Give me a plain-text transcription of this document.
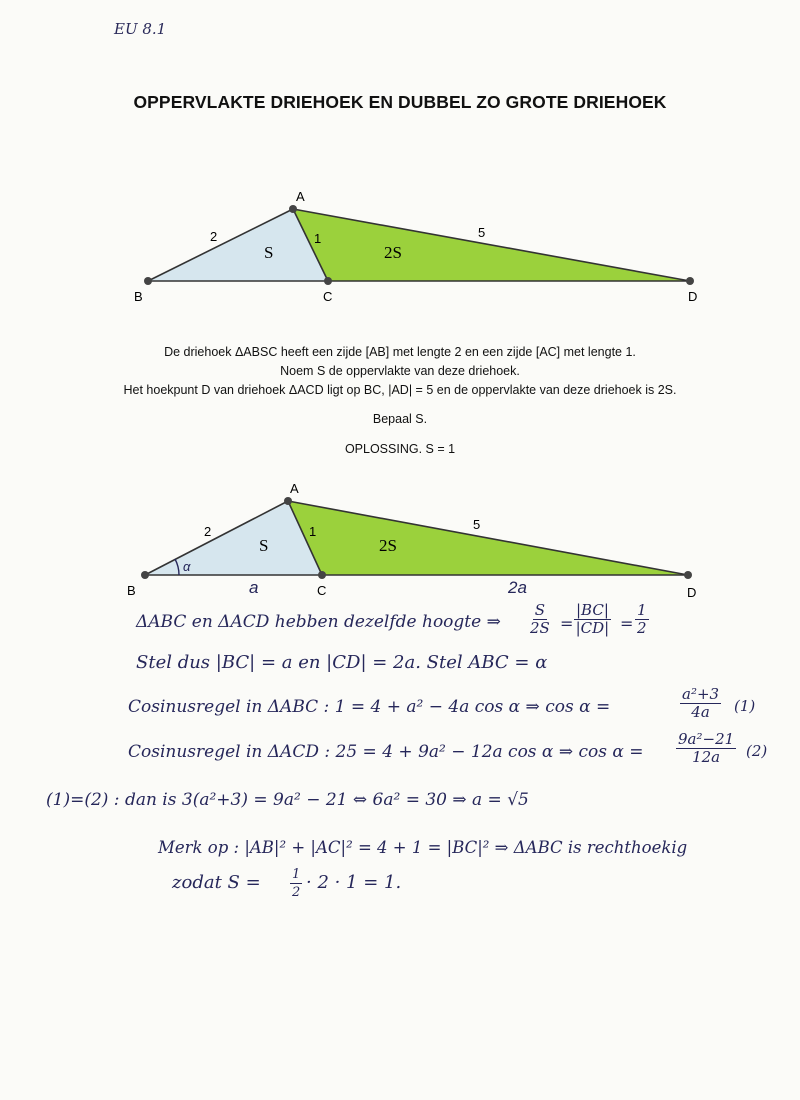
EU 8.1
OPPERVLAKTE DRIEHOEK EN DUBBEL ZO GROTE DRIEHOEK
A
B	C	D
2	1	5
S	2S
De driehoek ΔABSC heeft een zijde [AB] met lengte 2 en een zijde [AC] met lengte 1.
Noem S de oppervlakte van deze driehoek.
Het hoekpunt D van driehoek ΔACD ligt op BC, |AD| = 5 en de oppervlakte van deze driehoek is 2S.
Bepaal S.
OPLOSSING. S = 1
A
B	C	D
2	1	5
S	2S
α
a	2a
ΔABC en ΔACD hebben dezelfde hoogte ⇒ $\frac{S}{2S} = \frac{|BC|}{|CD|} = \frac{1}{2}$
Stel dus |BC| = a en |CD| = 2a. Stel ABC = α
Cosinusregel in ΔABC : 1 = 4 + a² − 4a cos α ⇒ cos α =	$\frac{\text{a²+3}}{4a} (1)$
Cosinusregel in ΔACD : 25 = 4 + 9a² − 12a cos α ⇒ $\cos \alpha = \frac{\text{9a²−21}}{12a} (2)$
(1)=(2) : dan is 3(a²+3) = 9a² − 21 ⇔ 6a² = 30 ⇒ a = √5
Merk op : |AB|² + |AC|² = 4 + 1 = |BC|² ⇒ ΔABC is rechthoekig
zodat $S = \frac{1}{2} \cdot 2 \cdot 1 = 1$.
